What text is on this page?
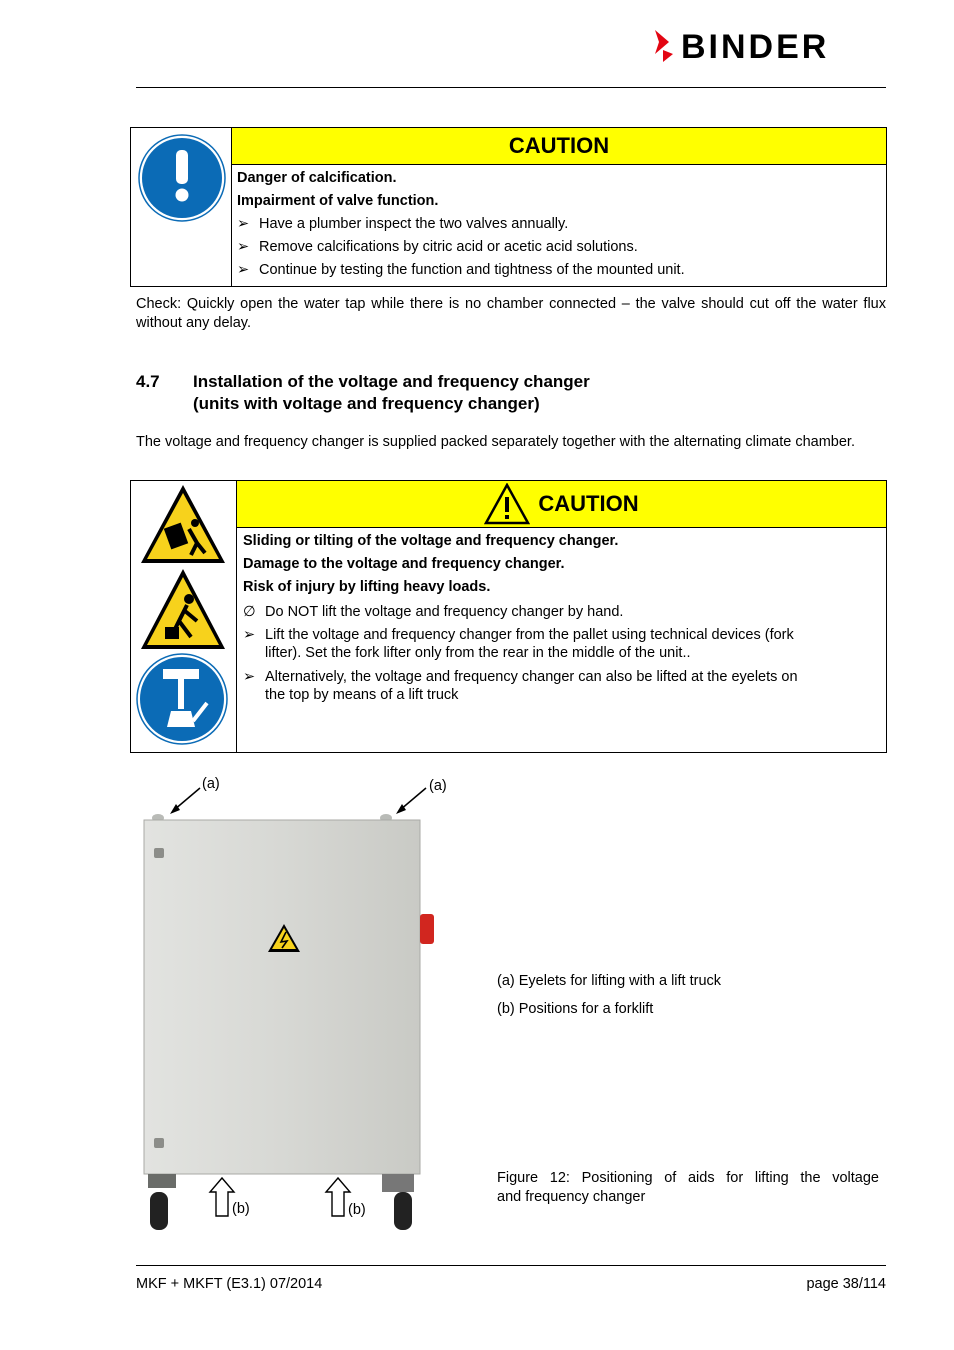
BINDER
	CAUTION

Danger of calcification.
Impairment of valve function.
➢ Have a plumber inspect the two valves annually.
➢ Remove calcifications by citric acid or acetic acid solutions.
➢ Continue by testing the function and tightness of the mounted unit.
Check: Quickly open the water tap while there is no chamber connected – the valve should cut off the water flux without any delay.
4.7 Installation of the voltage and frequency changer
(units with voltage and frequency changer)
The voltage and frequency changer is supplied packed separately together with the alternating climate chamber.

CAUTION

Sliding or tilting of the voltage and frequency changer.
Damage to the voltage and frequency changer.
Risk of injury by lifting heavy loads.
∅ Do NOT lift the voltage and frequency changer by hand.
➢ Lift the voltage and frequency changer from the pallet using technical devices (fork
lifter). Set the fork lifter only from the rear in the middle of the unit..
➢ Alternatively, the voltage and frequency changer can also be lifted at the eyelets on
the top by means of a lift truck
(a)	(a)
(b)	(b)
(a) Eyelets for lifting with a lift truck
(b) Positions for a forklift
Figure 12: Positioning of aids for lifting the voltage
and frequency changer
MKF + MKFT (E3.1) 07/2014	page 38/114
